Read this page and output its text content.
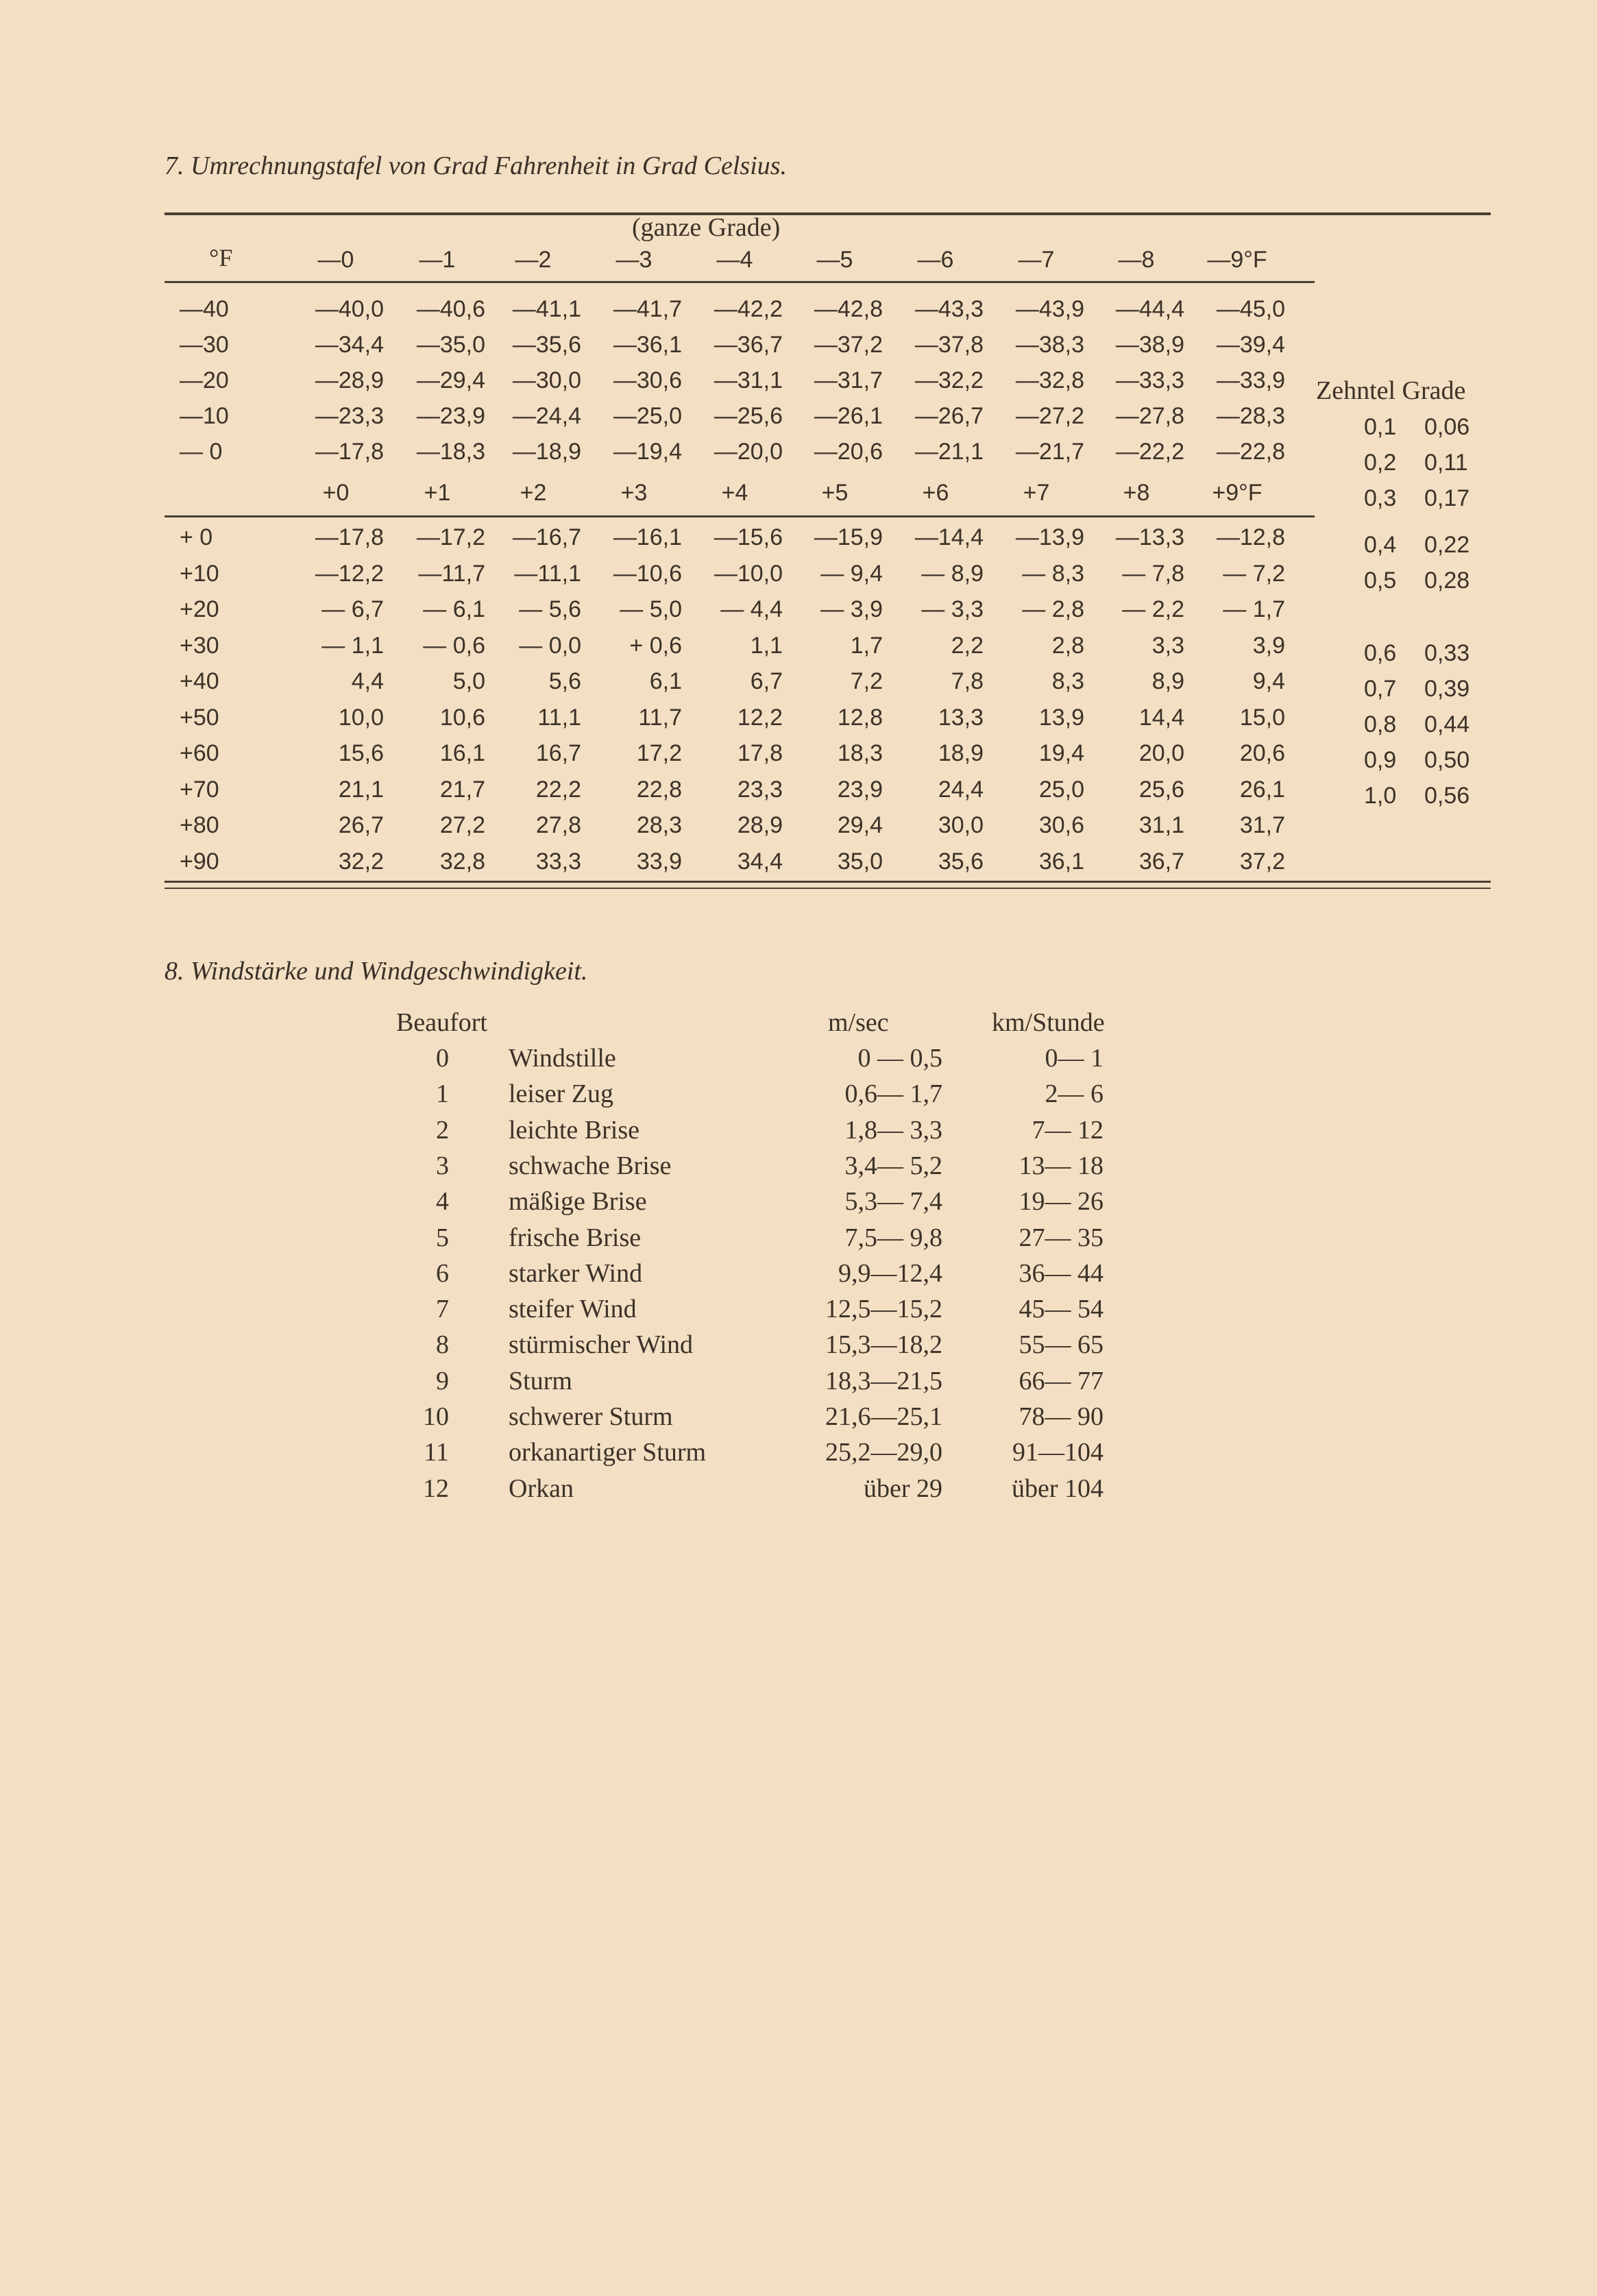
7. Umrechnungstafel von Grad Fahrenheit in Grad Celsius.
(ganze Grade)
°F
Zehntel Grade
8. Windstärke und Windgeschwindigkeit.
Beaufort	m/sec	km/Stunde
—0	—1	—2	—3	—4	—5	—6	—7	—8	—9°F
—40	—40,0	—40,6	—41,1	—41,7	—42,2	—42,8	—43,3	—43,9	—44,4	—45,0
—30	—34,4	—35,0	—35,6	—36,1	—36,7	—37,2	—37,8	—38,3	—38,9	—39,4
—20	—28,9	—29,4	—30,0	—30,6	—31,1	—31,7	—32,2	—32,8	—33,3	—33,9
—10	—23,3	—23,9	—24,4	—25,0	—25,6	—26,1	—26,7	—27,2	—27,8	—28,3
— 0	—17,8	—18,3	—18,9	—19,4	—20,0	—20,6	—21,1	—21,7	—22,2	—22,8
+0	+1	+2	+3	+4	+5	+6	+7	+8	+9°F
+ 0	—17,8	—17,2	—16,7	—16,1	—15,6	—15,9	—14,4	—13,9	—13,3	—12,8
+10	—12,2	—11,7	—11,1	—10,6	—10,0	— 9,4	— 8,9	— 8,3	— 7,8	— 7,2
+20	— 6,7	— 6,1	— 5,6	— 5,0	— 4,4	— 3,9	— 3,3	— 2,8	— 2,2	— 1,7
+30	— 1,1	— 0,6	— 0,0	+ 0,6	1,1	1,7	2,2	2,8	3,3	3,9
+40	4,4	5,0	5,6	6,1	6,7	7,2	7,8	8,3	8,9	9,4
+50	10,0	10,6	11,1	11,7	12,2	12,8	13,3	13,9	14,4	15,0
+60	15,6	16,1	16,7	17,2	17,8	18,3	18,9	19,4	20,0	20,6
+70	21,1	21,7	22,2	22,8	23,3	23,9	24,4	25,0	25,6	26,1
+80	26,7	27,2	27,8	28,3	28,9	29,4	30,0	30,6	31,1	31,7
+90	32,2	32,8	33,3	33,9	34,4	35,0	35,6	36,1	36,7	37,2
0,1 0,06
0,2 0,11
0,3 0,17
0,4 0,22
0,5 0,28
0,6 0,33
0,7 0,39
0,8 0,44
0,9 0,50
1,0 0,56
0 Windstille	0 — 0,5	0— 1
1 leiser Zug	0,6— 1,7	2— 6
2 leichte Brise	1,8— 3,3	7— 12
3 schwache Brise	3,4— 5,2	13— 18
4 mäßige Brise	5,3— 7,4	19— 26
5 frische Brise	7,5— 9,8	27— 35
6 starker Wind	9,9—12,4	36— 44
7 steifer Wind	12,5—15,2	45— 54
8 stürmischer Wind	15,3—18,2	55— 65
9 Sturm	18,3—21,5	66— 77
10 schwerer Sturm	21,6—25,1	78— 90
11 orkanartiger Sturm	25,2—29,0	91—104
12 Orkan	über 29	über 104
